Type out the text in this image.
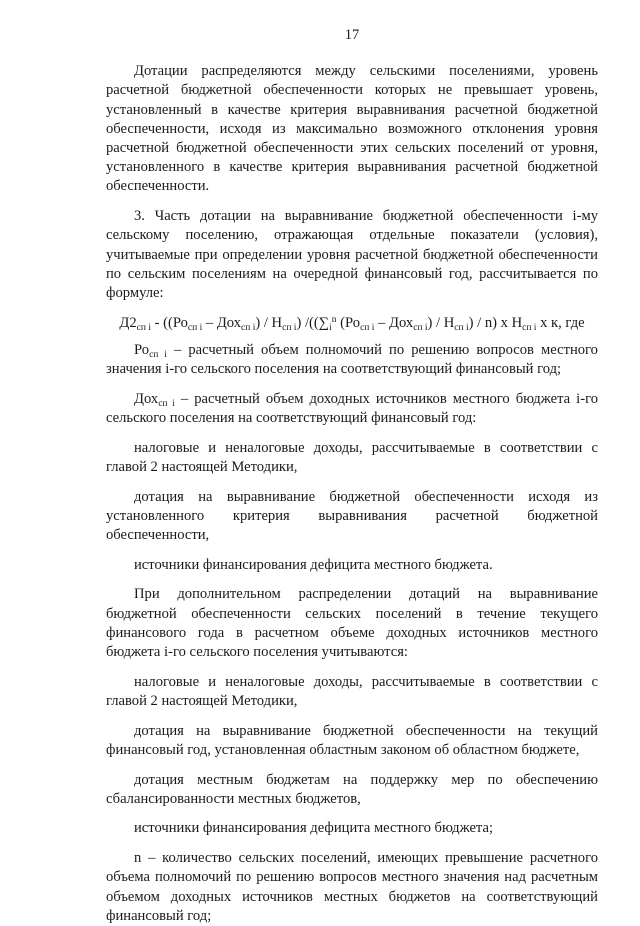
17

Дотации распределяются между сельскими поселениями, уровень расчетной бюджетной обеспеченности которых не превышает уровень, установленный в качестве критерия выравнивания расчетной бюджетной обеспеченности, исходя из максимально возможного отклонения уровня расчетной бюджетной обеспеченности этих сельских поселений от уровня, установленного в качестве критерия выравнивания расчетной бюджетной обеспеченности.

3. Часть дотации на выравнивание бюджетной обеспеченности i-му сельскому поселению, отражающая отдельные показатели (условия), учитываемые при определении уровня расчетной бюджетной обеспеченности по сельским поселениям на очередной финансовый год, рассчитывается по формуле:

$Д2_{сп i} - ((Ро_{сп i} - Дох_{сп i}) / Н_{сп i})$ $/((\sum_i^n$ $(Ро_{сп i} - Дох_{сп i}) / Н_{сп i}) / n$) х $Н_{сп i}$ х к, где

$Ро_{сп i}$ – расчетный объем полномочий по решению вопросов местного значения i-го сельского поселения на соответствующий финансовый год;

Дох$_{сп i}$ – расчетный объем доходных источников местного бюджета i-го сельского поселения на соответствующий финансовый год:

налоговые и неналоговые доходы, рассчитываемые в соответствии с главой 2 настоящей Методики,

дотация на выравнивание бюджетной обеспеченности исходя из установленного критерия выравнивания расчетной бюджетной обеспеченности,

источники финансирования дефицита местного бюджета.

При дополнительном распределении дотаций на выравнивание бюджетной обеспеченности сельских поселений в течение текущего финансового года в расчетном объеме доходных источников местного бюджета i-го сельского поселения учитываются:

налоговые и неналоговые доходы, рассчитываемые в соответствии с главой 2 настоящей Методики,

дотация на выравнивание бюджетной обеспеченности на текущий финансовый год, установленная областным законом об областном бюджете,

дотация местным бюджетам на поддержку мер по обеспечению сбалансированности местных бюджетов,

источники финансирования дефицита местного бюджета;

n – количество сельских поселений, имеющих превышение расчетного объема полномочий по решению вопросов местного значения над расчетным объемом доходных источников местных бюджетов на соответствующий финансовый год;
